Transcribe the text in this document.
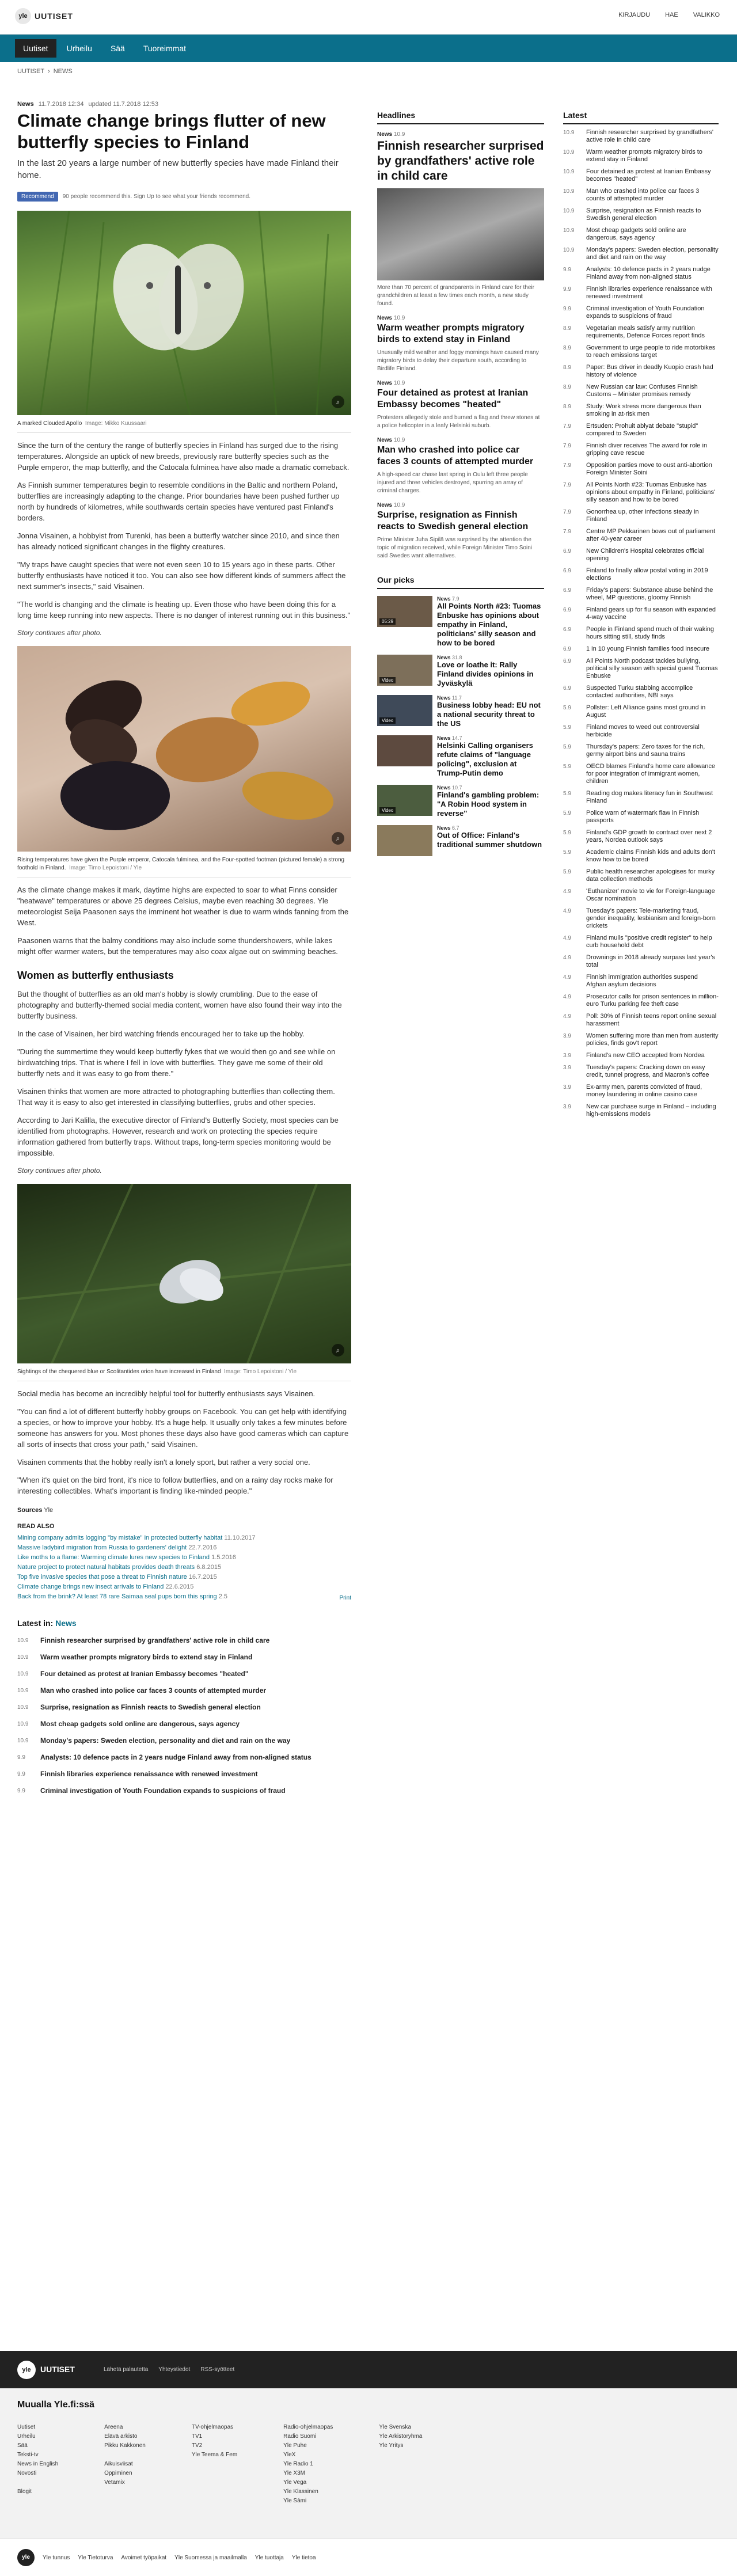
yle UUTISET	KIRJAUDU HAE VALIKKO
Uutiset	Urheilu	Sää	Tuoreimmat
UUTISET › NEWS
News 11.7.2018 12:34 updated 11.7.2018 12:53
Climate change brings flutter of new butterfly species to Finland

In the last 20 years a large number of new butterfly species have made Finland their home.

Recommend	90 people recommend this. Sign Up to see what your friends recommend.
⌕
A marked Clouded Apollo Image: Mikko Kuussaari

Since the turn of the century the range of butterfly species in Finland has surged due to the rising temperatures. Alongside an uptick of new breeds, previously rare butterfly species such as the Purple emperor, the map butterfly, and the Catocala fulminea have also made a dramatic comeback.

As Finnish summer temperatures begin to resemble conditions in the Baltic and northern Poland, butterflies are increasingly adapting to the change. Prior boundaries have been pushed further up north by hundreds of kilometres, while southwards certain species have ventured past Finland's borders.

Jonna Visainen, a hobbyist from Turenki, has been a butterfly watcher since 2010, and since then has already noticed significant changes in the flighty creatures.

"My traps have caught species that were not even seen 10 to 15 years ago in these parts. Other butterfly enthusiasts have noticed it too. You can also see how different kinds of summers affect the next summer's insects," said Visainen.

"The world is changing and the climate is heating up. Even those who have been doing this for a long time keep running into new aspects. There is no danger of interest running out in this business."

Story continues after photo.

⌕
Rising temperatures have given the Purple emperor, Catocala fulminea, and the Four-spotted footman (pictured female) a strong foothold in Finland. Image: Timo Lepoistoni / Yle

As the climate change makes it mark, daytime highs are expected to soar to what Finns consider "heatwave" temperatures or above 25 degrees Celsius, maybe even reaching 30 degrees. Yle meteorologist Seija Paasonen says the imminent hot weather is due to warm winds fanning from the West.

Paasonen warns that the balmy conditions may also include some thundershowers, while lakes might offer warmer waters, but the temperatures may also coax algae out on swimming beaches.

Women as butterfly enthusiasts

But the thought of butterflies as an old man's hobby is slowly crumbling. Due to the ease of photography and butterfly-themed social media content, women have also found their way into the butterfly business.

In the case of Visainen, her bird watching friends encouraged her to take up the hobby.

"During the summertime they would keep butterfly fykes that we would then go and see while on birdwatching trips. That is where I fell in love with butterflies. They gave me some of their old butterfly nets and it was easy to go from there."

Visainen thinks that women are more attracted to photographing butterflies than collecting them. That way it is easy to also get interested in classifying butterflies, grubs and other species.

According to Jari Kalilla, the executive director of Finland's Butterfly Society, most species can be identified from photographs. However, research and work on protecting the species require information gathered from butterfly traps. Without traps, long-term species monitoring would be impossible.

Story continues after photo.

⌕
Sightings of the chequered blue or Scolitantides orion have increased in Finland Image: Timo Lepoistoni / Yle

Social media has become an incredibly helpful tool for butterfly enthusiasts says Visainen.

"You can find a lot of different butterfly hobby groups on Facebook. You can get help with identifying a species, or how to improve your hobby. It's a huge help. It usually only takes a few minutes before someone has answers for you. Most phones these days also have good cameras which can capture all sorts of insects that cross your path," said Visainen.

Visainen comments that the hobby really isn't a lonely sport, but rather a very social one.

"When it's quiet on the bird front, it's nice to follow butterflies, and on a rainy day rocks make for interesting collectibles. What's important is finding like-minded people."

Sources Yle
READ ALSO
Mining company admits logging "by mistake" in protected butterfly habitat 11.10.2017
Massive ladybird migration from Russia to gardeners' delight 22.7.2016
Like moths to a flame: Warming climate lures new species to Finland 1.5.2016
Nature project to protect natural habitats provides death threats 6.8.2015
Top five invasive species that pose a threat to Finnish nature 16.7.2015
Climate change brings new insect arrivals to Finland 22.6.2015
Back from the brink? At least 78 rare Saimaa seal pups born this spring 2.5	Print
Latest in: News
10.9	Finnish researcher surprised by grandfathers' active role in child care
10.9	Warm weather prompts migratory birds to extend stay in Finland
10.9	Four detained as protest at Iranian Embassy becomes "heated"
10.9	Man who crashed into police car faces 3 counts of attempted murder
10.9	Surprise, resignation as Finnish reacts to Swedish general election
10.9	Most cheap gadgets sold online are dangerous, says agency
10.9	Monday's papers: Sweden election, personality and diet and rain on the way
9.9	Analysts: 10 defence pacts in 2 years nudge Finland away from non-aligned status
9.9	Finnish libraries experience renaissance with renewed investment
9.9	Criminal investigation of Youth Foundation expands to suspicions of fraud
Headlines
News 10.9
Finnish researcher surprised by grandfathers' active role in child care
More than 70 percent of grandparents in Finland care for their grandchildren at least a few times each month, a new study found.
News 10.9
Warm weather prompts migratory birds to extend stay in Finland
Unusually mild weather and foggy mornings have caused many migratory birds to delay their departure south, according to Birdlife Finland.
News 10.9
Four detained as protest at Iranian Embassy becomes "heated"
Protesters allegedly stole and burned a flag and threw stones at a police helicopter in a leafy Helsinki suburb.
News 10.9
Man who crashed into police car faces 3 counts of attempted murder
A high-speed car chase last spring in Oulu left three people injured and three vehicles destroyed, spurring an array of criminal charges.
News 10.9
Surprise, resignation as Finnish reacts to Swedish general election
Prime Minister Juha Sipilä was surprised by the attention the topic of migration received, while Foreign Minister Timo Soini said Swedes want alternatives.
Our picks
05:29
News 7.9
All Points North #23: Tuomas Enbuske has opinions about empathy in Finland, politicians' silly season and how to be bored
Video
News 31.8
Love or loathe it: Rally Finland divides opinions in Jyväskylä
Video
News 11.7
Business lobby head: EU not a national security threat to the US
News 14.7
Helsinki Calling organisers refute claims of "language policing", exclusion at Trump-Putin demo
Video
News 10.7
Finland's gambling problem: "A Robin Hood system in reverse"
News 6.7
Out of Office: Finland's traditional summer shutdown
Latest
10.9	Finnish researcher surprised by grandfathers' active role in child care
10.9	Warm weather prompts migratory birds to extend stay in Finland
10.9	Four detained as protest at Iranian Embassy becomes "heated"
10.9	Man who crashed into police car faces 3 counts of attempted murder
10.9	Surprise, resignation as Finnish reacts to Swedish general election
10.9	Most cheap gadgets sold online are dangerous, says agency
10.9	Monday's papers: Sweden election, personality and diet and rain on the way
9.9	Analysts: 10 defence pacts in 2 years nudge Finland away from non-aligned status
9.9	Finnish libraries experience renaissance with renewed investment
9.9	Criminal investigation of Youth Foundation expands to suspicions of fraud
8.9	Vegetarian meals satisfy army nutrition requirements, Defence Forces report finds
8.9	Government to urge people to ride motorbikes to reach emissions target
8.9	Paper: Bus driver in deadly Kuopio crash had history of violence
8.9	New Russian car law: Confuses Finnish Customs – Minister promises remedy
8.9	Study: Work stress more dangerous than smoking in at-risk men
7.9	Ertsuden: Prohuit ablyat debate "stupid" compared to Sweden
7.9	Finnish diver receives The award for role in gripping cave rescue
7.9	Opposition parties move to oust anti-abortion Foreign Minister Soini
7.9	All Points North #23: Tuomas Enbuske has opinions about empathy in Finland, politicians' silly season and how to be bored
7.9	Gonorrhea up, other infections steady in Finland
7.9	Centre MP Pekkarinen bows out of parliament after 40-year career
6.9	New Children's Hospital celebrates official opening
6.9	Finland to finally allow postal voting in 2019 elections
6.9	Friday's papers: Substance abuse behind the wheel, MP questions, gloomy Finnish
6.9	Finland gears up for flu season with expanded 4-way vaccine
6.9	People in Finland spend much of their waking hours sitting still, study finds
6.9	1 in 10 young Finnish families food insecure
6.9	All Points North podcast tackles bullying, political silly season with special guest Tuomas Enbuske
6.9	Suspected Turku stabbing accomplice contacted authorities, NBI says
5.9	Pollster: Left Alliance gains most ground in August
5.9	Finland moves to weed out controversial herbicide
5.9	Thursday's papers: Zero taxes for the rich, germy airport bins and sauna trains
5.9	OECD blames Finland's home care allowance for poor integration of immigrant women, children
5.9	Reading dog makes literacy fun in Southwest Finland
5.9	Police warn of watermark flaw in Finnish passports
5.9	Finland's GDP growth to contract over next 2 years, Nordea outlook says
5.9	Academic claims Finnish kids and adults don't know how to be bored
5.9	Public health researcher apologises for murky data collection methods
4.9	'Euthanizer' movie to vie for Foreign-language Oscar nomination
4.9	Tuesday's papers: Tele-marketing fraud, gender inequality, lesbianism and foreign-born crickets
4.9	Finland mulls "positive credit register" to help curb household debt
4.9	Drownings in 2018 already surpass last year's total
4.9	Finnish immigration authorities suspend Afghan asylum decisions
4.9	Prosecutor calls for prison sentences in million-euro Turku parking fee theft case
4.9	Poll: 30% of Finnish teens report online sexual harassment
3.9	Women suffering more than men from austerity policies, finds gov't report
3.9	Finland's new CEO accepted from Nordea
3.9	Tuesday's papers: Cracking down on easy credit, tunnel progress, and Macron's coffee
3.9	Ex-army men, parents convicted of fraud, money laundering in online casino case
3.9	New car purchase surge in Finland – including high-emissions models
yle	UUTISET	Lähetä palautetta Yhteystiedot RSS-syötteet
Muualla Yle.fi:ssä
Uutiset
Urheilu
Sää
Teksti-tv
News in English
Novosti
Blogit
Areena
Elävä arkisto
Pikku Kakkonen
Aikuisviisat
Oppiminen
Vetamix
TV-ohjelmaopas
TV1
TV2
Yle Teema & Fem
Radio-ohjelmaopas
Radio Suomi
Yle Puhe
YleX
Yle Radio 1
Yle X3M
Yle Vega
Yle Klassinen
Yle Sámi
Yle Svenska
Yle Arkistoryhmä
Yle Yritys
yle	Yle tunnus Yle Tietoturva Avoimet työpaikat Yle Suomessa ja maailmalla Yle tuottaja Yle tietoa
